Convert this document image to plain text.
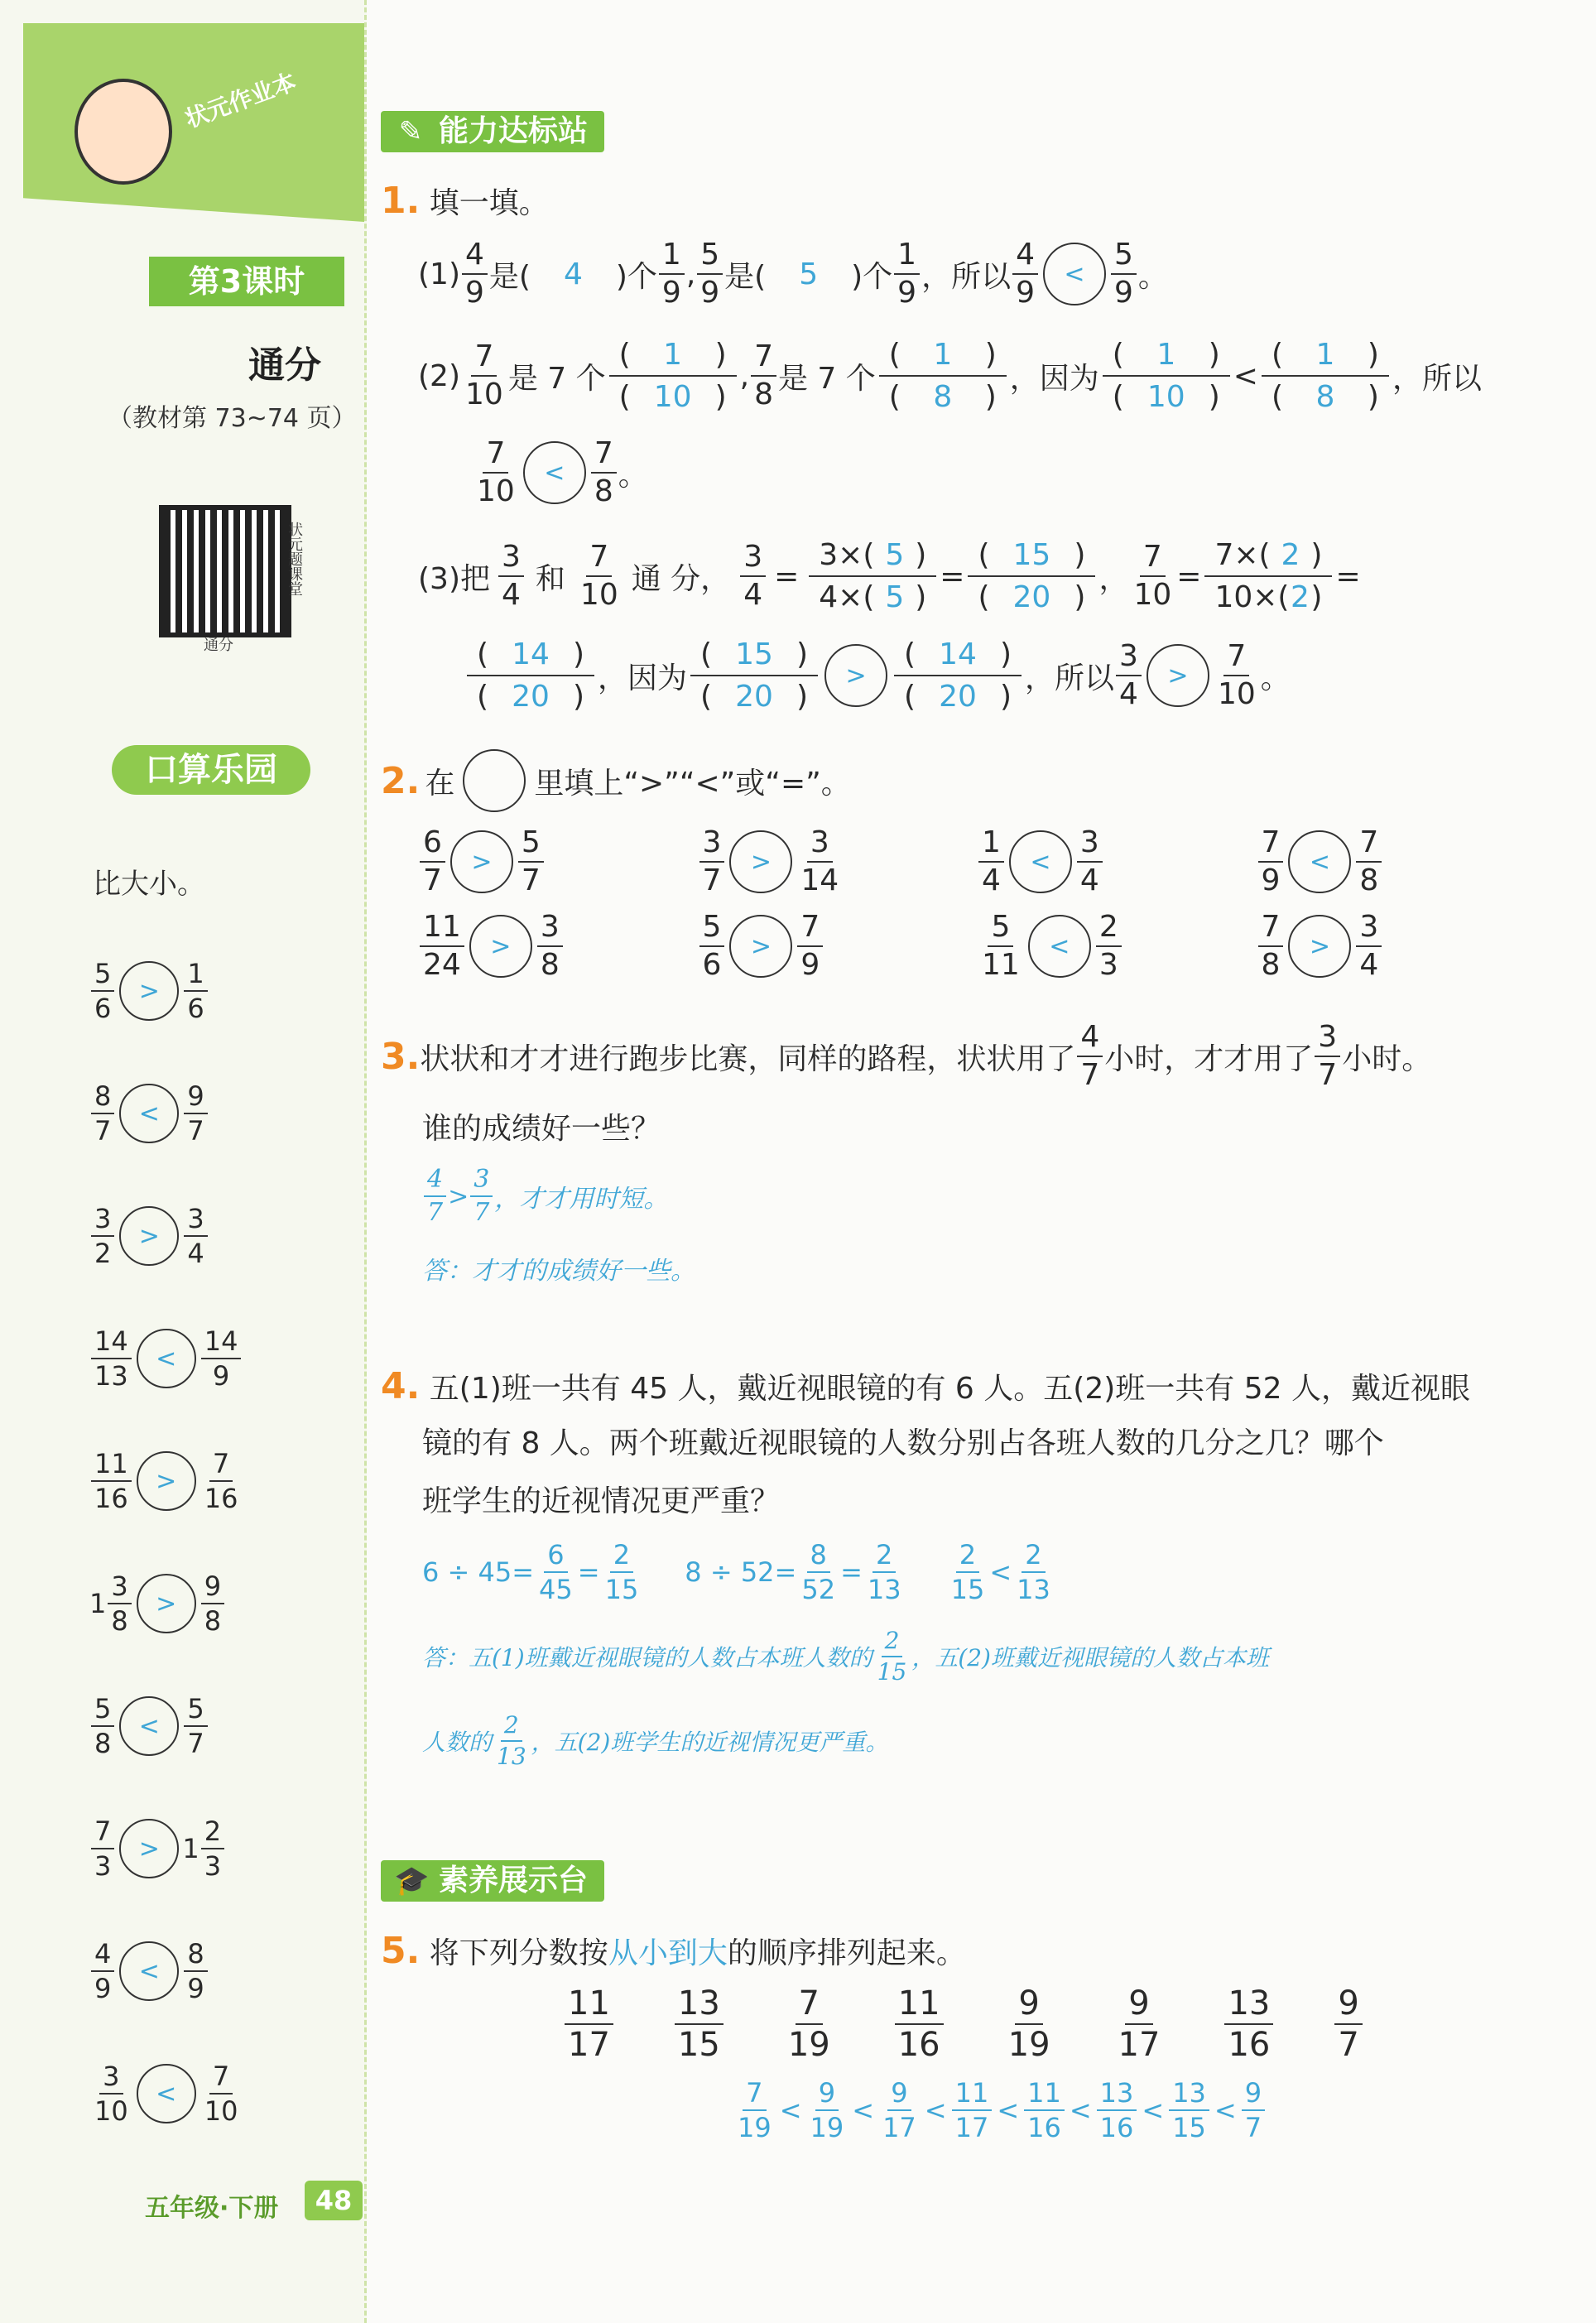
状元作业本
第3课时
通分
（教材第 73~74 页）
状元题课堂
通分
口算乐园
比大小。
五年级·下册	48
✎ 能力达标站
1. 填一填。
$(1) \frac{4}{9}$ 是( 4 )个 $\frac{1}{9}$ , $\frac{5}{9}$ 是( 5 )个 $\frac{1}{9}$ ，所以 $\frac{4}{9}$	< $\frac{5}{9}$ 。
$(2) \frac{7}{10}$ 是 7 个
( 1 )
( 10 )
, $\frac{7}{8}$ 是 7 个
( 1 )
( 8 )
，因为
( 1 )
( 10 )
<
( 1 )
( 8 )
，所以
$\frac{7}{10}$	< $\frac{7}{8}$ 。
(3)把 $\frac{3}{4}$ 和 $\frac{7}{10}$ 通 分， $\frac{3}{4} = \frac{3\times( 5 )}{4\times( 5 )} = \frac{( 15 )}{( 20 )}$ ， $\frac{7}{10} = \frac{7\times( 2 )}{10\times( 2 )}$ =
( 14 )
( 20 )
，因为
( 15 )
( 20 )
>
( 14 )
( 20 )
，所以 $\frac{3}{4}$	> $\frac{7}{10}$ 。
2. 在	里填上“>”“<”或“=”。
$\frac{6}{7}$	> $\frac{5}{7}$	$\frac{3}{7}$	> $\frac{3}{14}$	$\frac{1}{4}$	< $\frac{3}{4}$	$\frac{7}{9}$	< $\frac{7}{8}$
$\frac{11}{24}$	> $\frac{3}{8}$	$\frac{5}{6}$	> $\frac{7}{9}$	$\frac{5}{11}$	< $\frac{2}{3}$	$\frac{7}{8}$	> $\frac{3}{4}$
3. 状状和才才进行跑步比赛，同样的路程，状状用了 $\frac{4}{7}$ 小时，才才用了 $\frac{3}{7}$ 小时。
谁的成绩好一些？
$\frac{4}{7} > \frac{3}{7}$ ，才才用时短。
答：才才的成绩好一些。
4. 五(1)班一共有 45 人，戴近视眼镜的有 6 人。五(2)班一共有 52 人，戴近视眼
镜的有 8 人。两个班戴近视眼镜的人数分别占各班人数的几分之几？哪个
班学生的近视情况更严重？
$6 \div 45= \frac{6}{45} = \frac{2}{15} 8 \div 52= \frac{8}{52} = \frac{2}{13} \frac{2}{15} < \frac{2}{13}$
答：五(1)班戴近视眼镜的人数占本班人数的 $\frac{2}{15}$ ，五(2)班戴近视眼镜的人数占本班
人数的 $\frac{2}{13}$ ，五(2)班学生的近视情况更严重。
🎓 素养展示台
5. 将下列分数按从小到大的顺序排列起来。
$\frac{11}{17} \frac{13}{15} \frac{7}{19} \frac{11}{16} \frac{9}{19} \frac{9}{17} \frac{13}{16} \frac{9}{7}$
$\frac{7}{19} < \frac{9}{19} < \frac{9}{17} < \frac{11}{17} < \frac{11}{16} < \frac{13}{16} < \frac{13}{15} < \frac{9}{7}$
$\frac{5}{6} > \frac{1}{6}$
$\frac{8}{7} < \frac{9}{7}$
$\frac{3}{2} > \frac{3}{4}$
$\frac{14}{13} < \frac{14}{9}$
$\frac{11}{16} > \frac{7}{16}$
$1 \frac{3}{8} > \frac{9}{8}$
$\frac{5}{8} < \frac{5}{7}$
$\frac{7}{3} > 1 \frac{2}{3}$
$\frac{4}{9} < \frac{8}{9}$
$\frac{3}{10} < \frac{7}{10}$
